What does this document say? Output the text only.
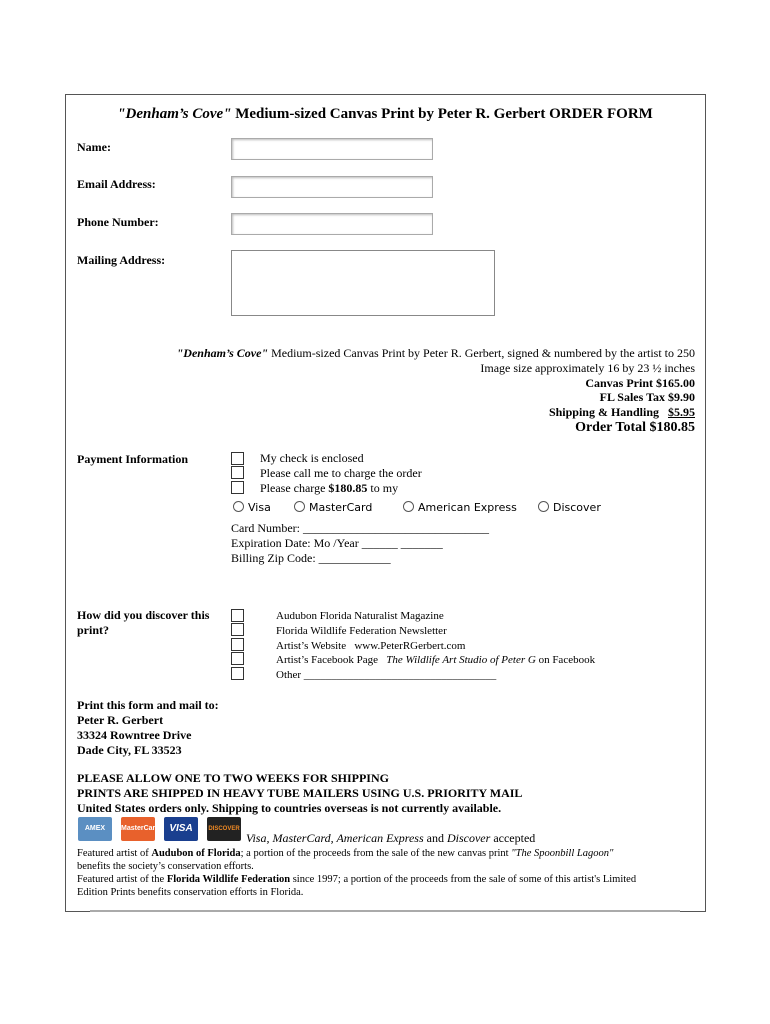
"Denham’s Cove" Medium-sized Canvas Print by Peter R. Gerbert ORDER FORM
Name:
Email Address:
Phone Number:
Mailing Address:
"Denham’s Cove" Medium-sized Canvas Print by Peter R. Gerbert, signed & numbered by the artist to 250
Image size approximately 16 by 23 ½ inches
Canvas Print $165.00
FL Sales Tax $9.90
Shipping & Handling   $5.95
Order Total $180.85
Payment Information	My check is enclosed
Please call me to charge the order
Please charge $180.85 to my
Visa	MasterCard	American Express	Discover
Card Number: _______________________________
Expiration Date: Mo /Year ______ _______
Billing Zip Code: ____________
How did you discover this
print?
Audubon Florida Naturalist Magazine
Florida Wildlife Federation Newsletter
Artist’s Website   www.PeterRGerbert.com
Artist’s Facebook Page   The Wildlife Art Studio of Peter G on Facebook
Other ___________________________________
Print this form and mail to:
Peter R. Gerbert
33324 Rowntree Drive
Dade City, FL 33523
PLEASE ALLOW ONE TO TWO WEEKS FOR SHIPPING
PRINTS ARE SHIPPED IN HEAVY TUBE MAILERS USING U.S. PRIORITY MAIL
United States orders only. Shipping to countries overseas is not currently available.
AMEX	MasterCard VISA	DISCOVER
Visa, MasterCard, American Express and Discover accepted
Featured artist of Audubon of Florida; a portion of the proceeds from the sale of the new canvas print "The Spoonbill Lagoon"
benefits the society’s conservation efforts.
Featured artist of the Florida Wildlife Federation since 1997; a portion of the proceeds from the sale of some of this artist's Limited
Edition Prints benefits conservation efforts in Florida.
